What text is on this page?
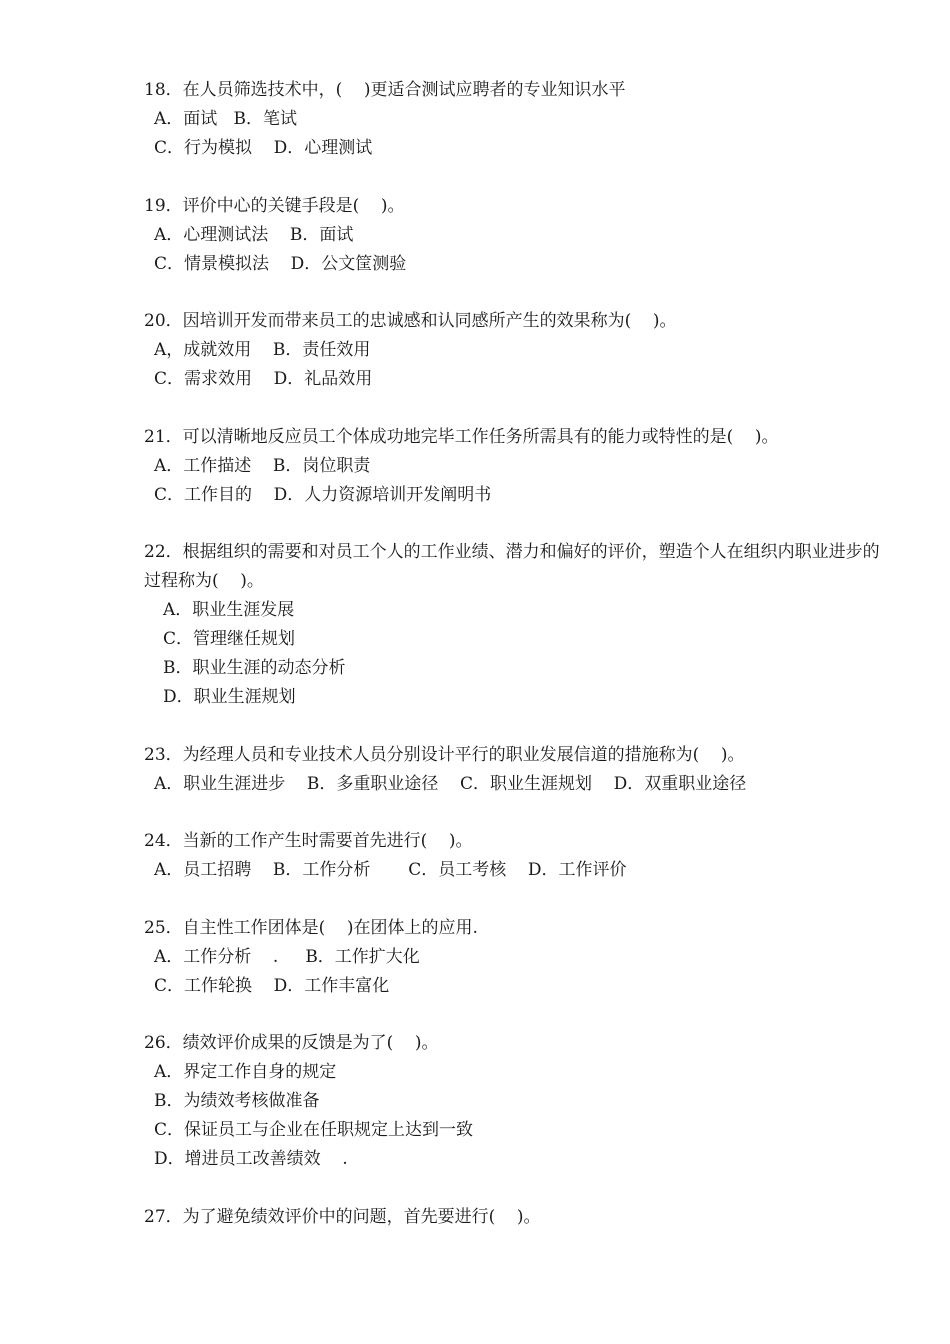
18．在人员筛选技术中，(    )更适合测试应聘者的专业知识水平
A．面试   B．笔试
C．行为模拟    D．心理测试
19．评价中心的关键手段是(    )。
A．心理测试法    B．面试
C．情景模拟法    D．公文筐测验
20．因培训开发而带来员工的忠诚感和认同感所产生的效果称为(    )。
A，成就效用    B．责任效用
C．需求效用    D．礼品效用
21．可以清晰地反应员工个体成功地完毕工作任务所需具有的能力或特性的是(    )。
A．工作描述    B．岗位职责
C．工作目的    D．人力资源培训开发阐明书
22．根据组织的需要和对员工个人的工作业绩、潜力和偏好的评价，塑造个人在组织内职业进步的过程称为(    )。
A．职业生涯发展
C．管理继任规划
B．职业生涯的动态分析
D．职业生涯规划
23．为经理人员和专业技术人员分别设计平行的职业发展信道的措施称为(    )。
A．职业生涯进步    B．多重职业途径    C．职业生涯规划    D．双重职业途径
24．当新的工作产生时需要首先进行(    )。
A．员工招聘    B．工作分析       C．员工考核    D．工作评价
25．自主性工作团体是(    )在团体上的应用.
A．工作分析    .     B．工作扩大化
C．工作轮换    D．工作丰富化
26．绩效评价成果的反馈是为了(    )。
A．界定工作自身的规定
B．为绩效考核做准备
C．保证员工与企业在任职规定上达到一致
D．增进员工改善绩效    .
27．为了避免绩效评价中的问题，首先要进行(    )。
